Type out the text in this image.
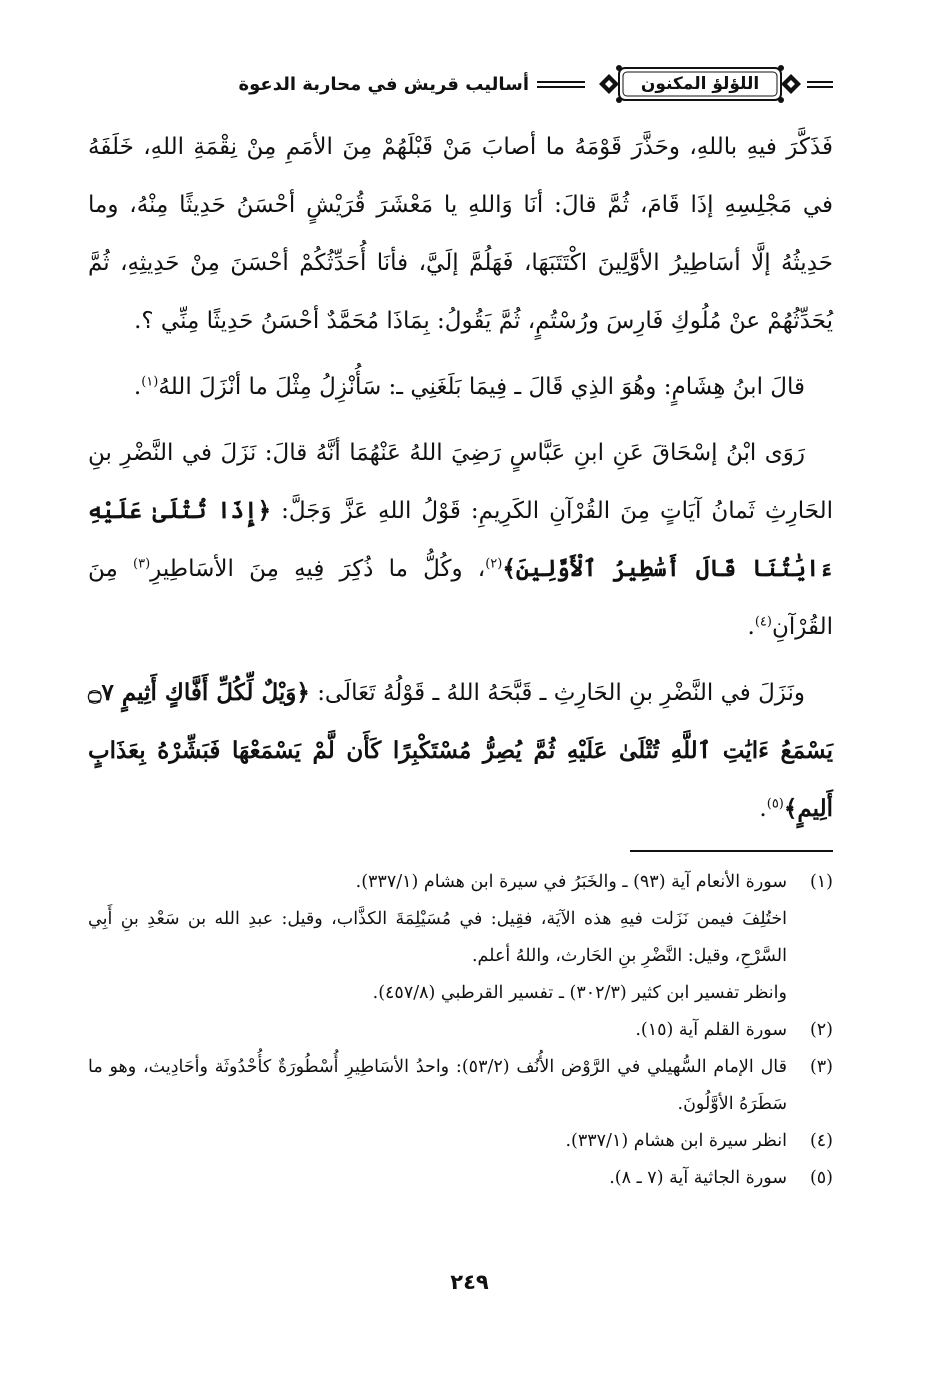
اللؤلؤ المكنون
أساليب قريش في محاربة الدعوة

فَذَكَّرَ فيهِ باللهِ، وحَذَّرَ قَوْمَهُ ما أصابَ مَنْ قَبْلَهُمْ مِنَ الأمَمِ مِنْ نِقْمَةِ اللهِ، خَلَفَهُ في مَجْلِسِهِ إذَا قَامَ، ثُمَّ قالَ: أنَا وَاللهِ يا مَعْشَرَ قُرَيْشٍ أحْسَنُ حَدِيثًا مِنْهُ، وما حَدِيثُهُ إلَّا أسَاطِيرُ الأوَّلِينَ اكْتَتَبَهَا، فَهَلُمَّ إلَيَّ، فأنَا أُحَدِّثُكُمْ أحْسَنَ مِنْ حَدِيثِهِ، ثُمَّ يُحَدِّثُهُمْ عنْ مُلُوكِ فَارِسَ ورُسْتُمٍ، ثُمَّ يَقُولُ: بِمَاذَا مُحَمَّدٌ أحْسَنُ حَدِيثًا مِنِّي ؟.

قالَ ابنُ هِشَامٍ: وهُوَ الذِي قَالَ ـ فِيمَا بَلَغَنِي ـ: سَأُنْزِلُ مِثْلَ ما أنْزَلَ اللهُ$^{(١)}$.

رَوَى ابْنُ إسْحَاقَ عَنِ ابنِ عَبَّاسٍ رَضِيَ اللهُ عَنْهُمَا أنَّهُ قالَ: نَزَلَ في النَّضْرِ بنِ الحَارِثِ ثَمانُ آيَاتٍ مِنَ القُرْآنِ الكَرِيمِ: قَوْلُ اللهِ عَزَّ وَجَلَّ: ﴿إِذَا تُتْلَىٰ عَلَيْهِ ءَايَٰتُنَا قَالَ أَسَٰطِيرُ ٱلْأَوَّلِينَ﴾$^{(٢)}$، وكُلُّ ما ذُكِرَ فِيهِ مِنَ الأسَاطِيرِ$^{(٣)}$ مِنَ القُرْآنِ$^{(٤)}$.

ونَزَلَ في النَّضْرِ بنِ الحَارِثِ ـ قَبَّحَهُ اللهُ ـ قَوْلُهُ تَعَالَى: ﴿وَيْلٌ لِّكُلِّ أَفَّاكٍ أَثِيمٍ ۝٧ يَسْمَعُ ءَايَٰتِ ٱللَّهِ تُتْلَىٰ عَلَيْهِ ثُمَّ يُصِرُّ مُسْتَكْبِرًا كَأَن لَّمْ يَسْمَعْهَا فَبَشِّرْهُ بِعَذَابٍ أَلِيمٍ﴾$^{(٥)}$.

(١)
سورة الأنعام آية (٩٣) ـ والخَبَرُ في سيرة ابن هشام (٣٣٧/١).

اختُلِفَ فيمن نَزَلت فيهِ هذه الآيَة، فقِيل: في مُسَيْلِمَةَ الكذَّاب، وقيل: عبدِ الله بن سَعْدِ بنِ أَبِي السَّرْحِ، وقيل: النَّضْرِ بنِ الحَارث، واللهُ أعلم.

وانظر تفسير ابن كثير (٣٠٢/٣) ـ تفسير القرطبي (٤٥٧/٨).

(٢)
سورة القلم آية (١٥).

(٣)
قال الإمام السُّهيلي في الرَّوْض الأُنُف (٥٣/٢): واحدُ الأسَاطِيرِ أُسْطُورَةٌ كأُحْدُوثَة وأحَادِيث، وهو ما سَطَرَهُ الأوَّلُونَ.

(٤)
انظر سيرة ابن هشام (٣٣٧/١).

(٥)
سورة الجاثية آية (٧ ـ ٨).

٢٤٩
